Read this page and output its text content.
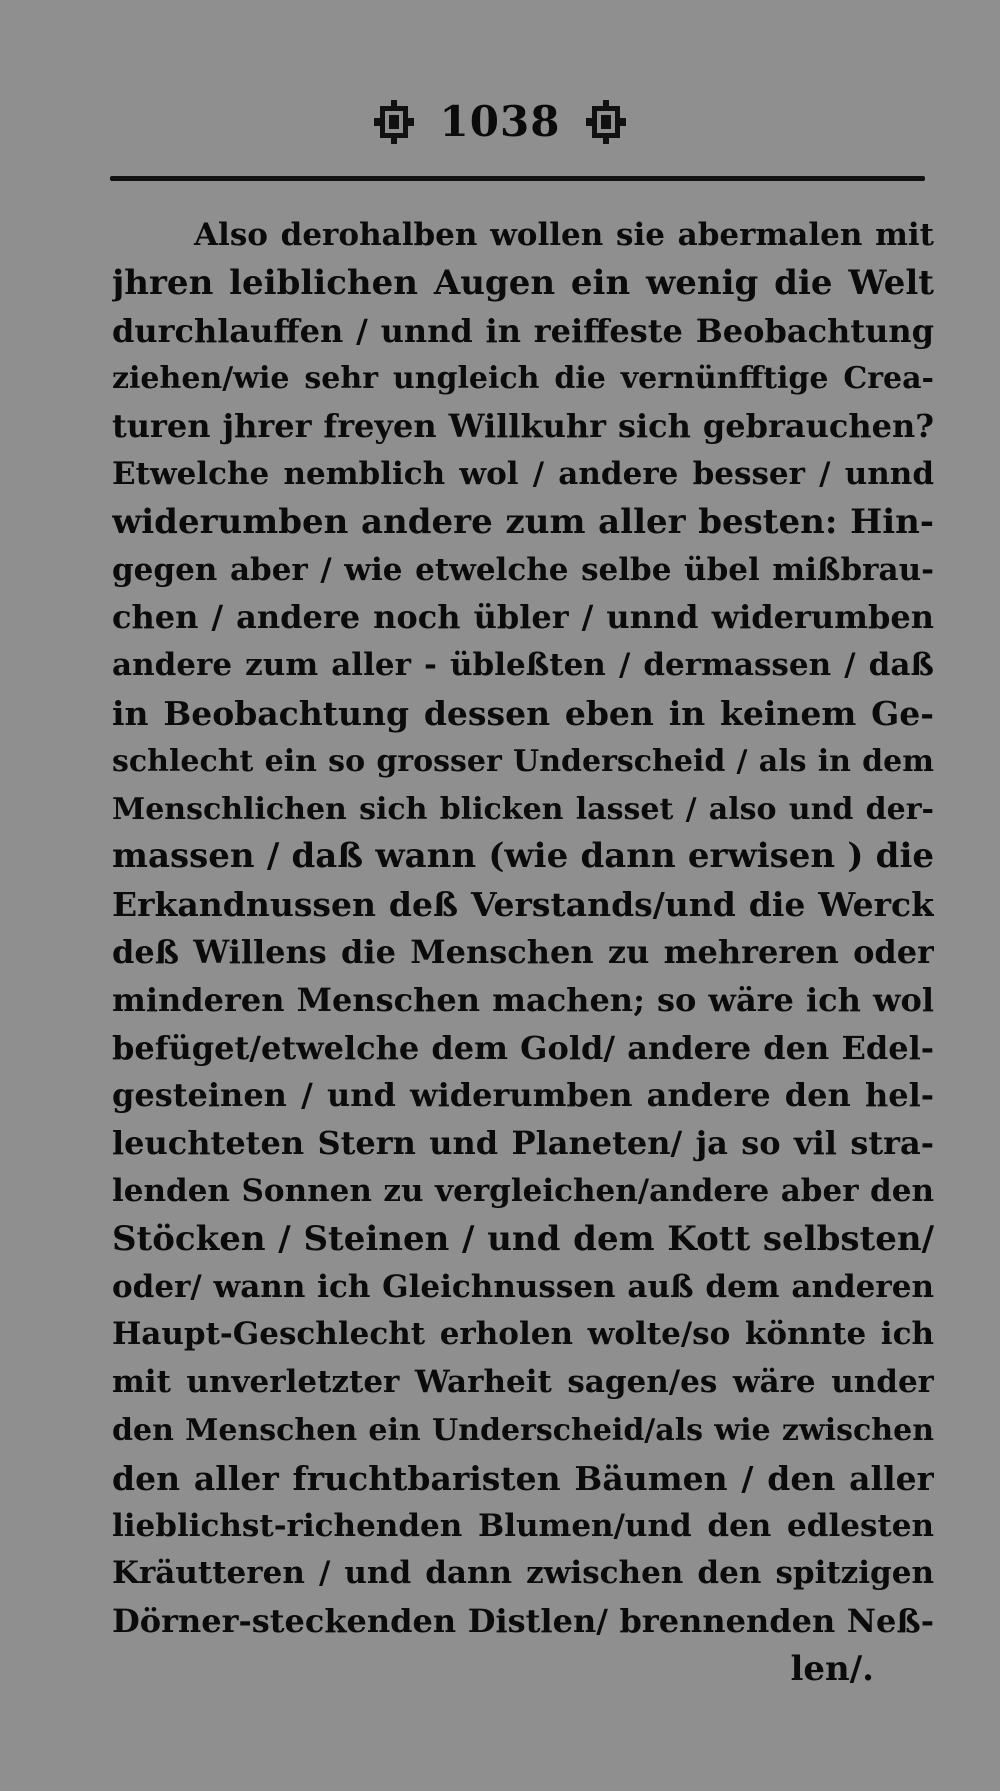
1038
Also derohalben wollen sie abermalen mit
jhren leiblichen Augen ein wenig die Welt
durchlauffen / unnd in reiffeste Beobachtung
ziehen/wie sehr ungleich die vernünfftige Crea-
turen jhrer freyen Willkuhr sich gebrauchen?
Etwelche nemblich wol / andere besser / unnd
widerumben andere zum aller besten: Hin-
gegen aber / wie etwelche selbe übel mißbrau-
chen / andere noch übler / unnd widerumben
andere zum aller - übleßten / dermassen / daß
in Beobachtung dessen eben in keinem Ge-
schlecht ein so grosser Underscheid / als in dem
Menschlichen sich blicken lasset / also und der-
massen / daß wann (wie dann erwisen ) die
Erkandnussen deß Verstands/und die Werck
deß Willens die Menschen zu mehreren oder
minderen Menschen machen; so wäre ich wol
befüget/etwelche dem Gold/ andere den Edel-
gesteinen / und widerumben andere den hel-
leuchteten Stern und Planeten/ ja so vil stra-
lenden Sonnen zu vergleichen/andere aber den
Stöcken / Steinen / und dem Kott selbsten/
oder/ wann ich Gleichnussen auß dem anderen
Haupt-Geschlecht erholen wolte/so könnte ich
mit unverletzter Warheit sagen/es wäre under
den Menschen ein Underscheid/als wie zwischen
den aller fruchtbaristen Bäumen / den aller
lieblichst-richenden Blumen/und den edlesten
Kräutteren / und dann zwischen den spitzigen
Dörner-steckenden Distlen/ brennenden Neß-
len/.
